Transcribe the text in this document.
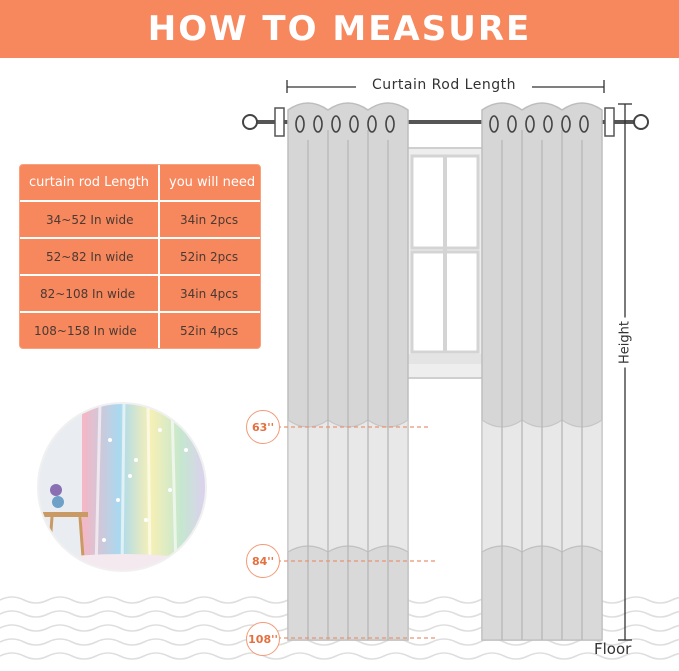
HOW TO MEASURE
Curtain Rod Length
Height
Floor
63''
84''
108''
curtain rod Length	you will need
34~52 In wide	34in 2pcs
52~82 In wide	52in 2pcs
82~108 In wide	34in 4pcs
108~158 In wide	52in 4pcs
